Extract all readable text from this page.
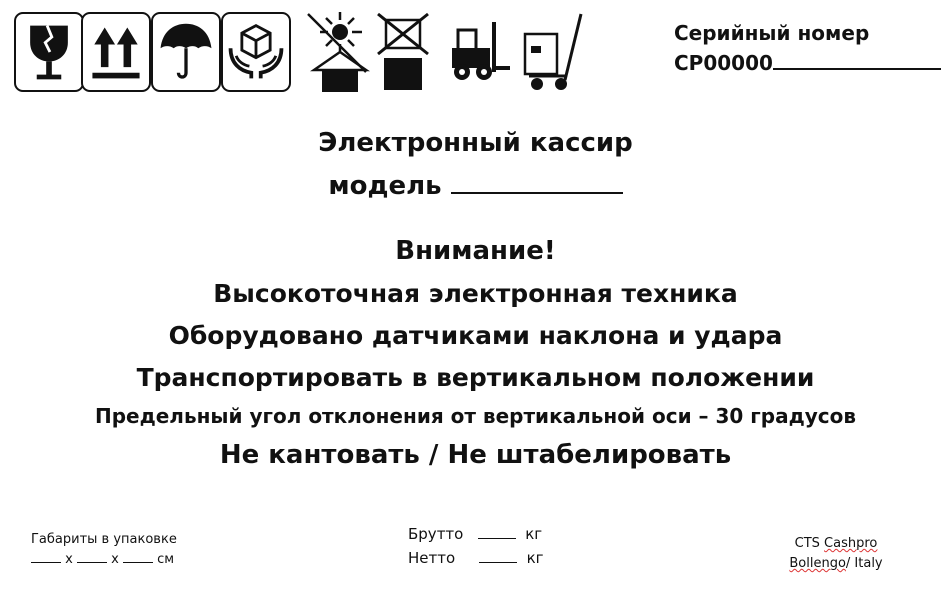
Серийный номер
СР00000
Электронный кассир
модель
Внимание!
Высокоточная электронная техника
Оборудовано датчиками наклона и удара
Транспортировать в вертикальном положении
Предельный угол отклонения от вертикальной оси – 30 градусов
Не кантовать / Не штабелировать
Габариты в упаковке
х	х	см
Брутто	кг
Нетто	кг
CTS Cashpro
Bollengo/ Italy
